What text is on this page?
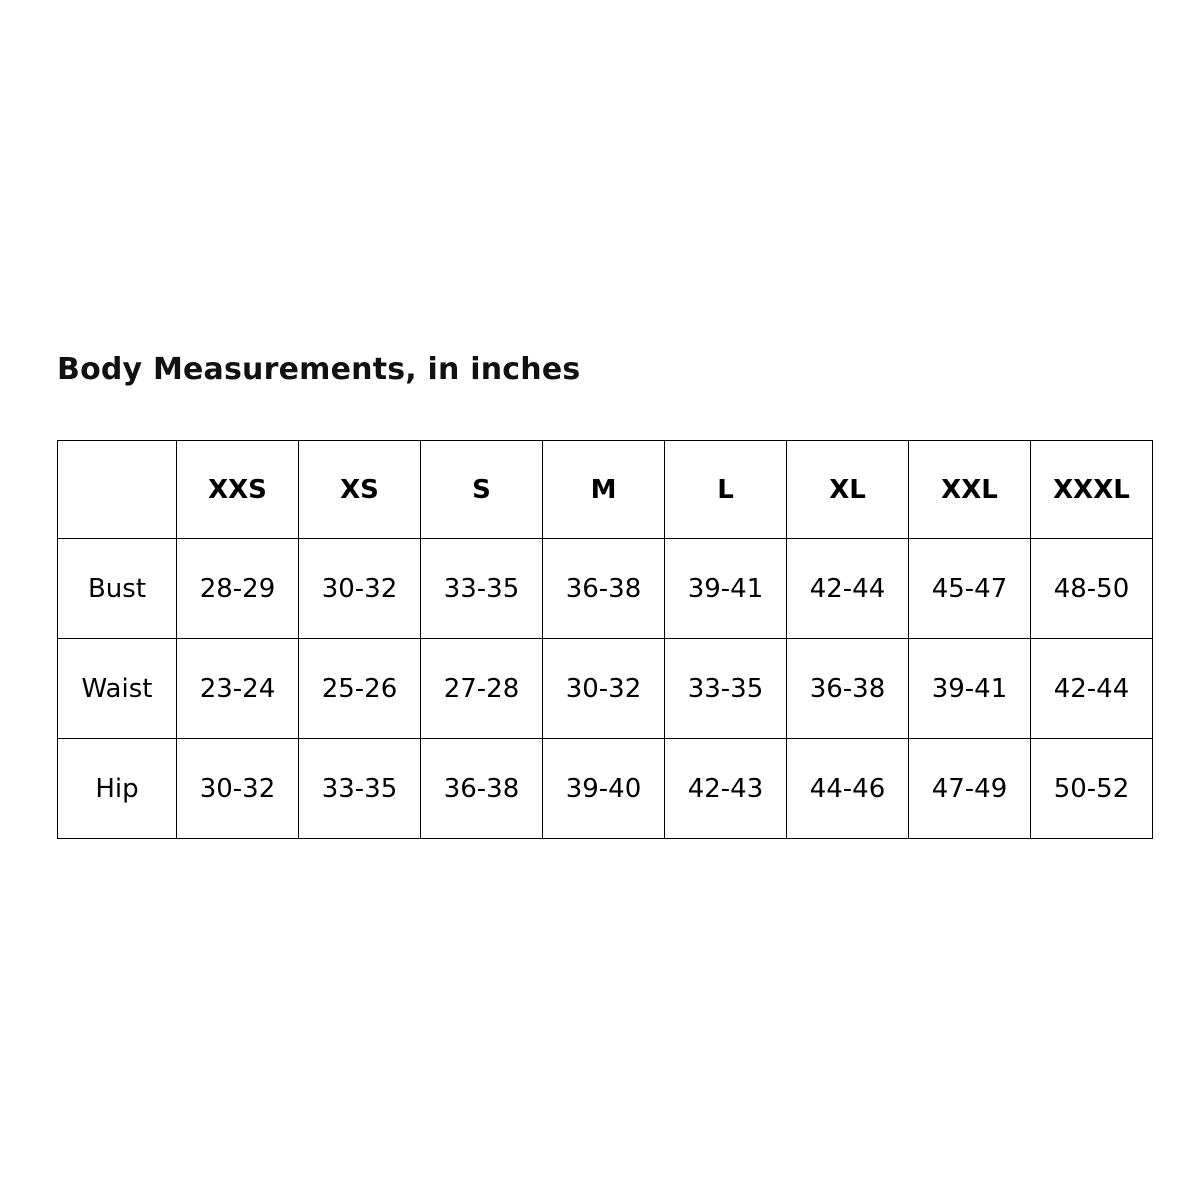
Body Measurements, in inches
	XXS	XS	S	M	L	XL	XXL	XXXL
Bust	28-29	30-32	33-35	36-38	39-41	42-44	45-47	48-50
Waist	23-24	25-26	27-28	30-32	33-35	36-38	39-41	42-44
Hip	30-32	33-35	36-38	39-40	42-43	44-46	47-49	50-52
